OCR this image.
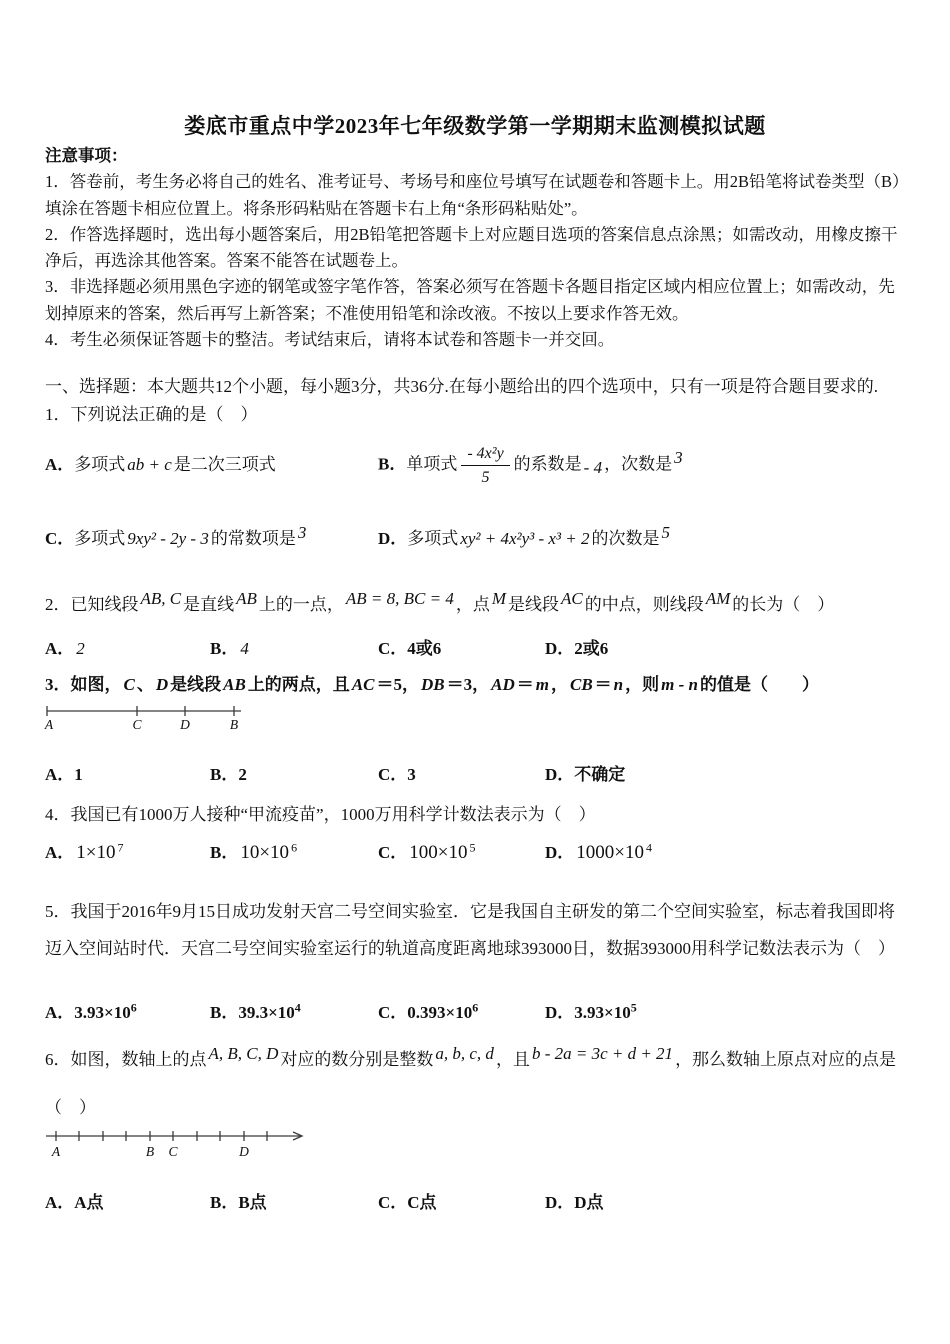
娄底市重点中学2023年七年级数学第一学期期末监测模拟试题

注意事项：

1．答卷前，考生务必将自己的姓名、准考证号、考场号和座位号填写在试题卷和答题卡上。用2B铅笔将试卷类型（B）填涂在答题卡相应位置上。将条形码粘贴在答题卡右上角“条形码粘贴处”。

2．作答选择题时，选出每小题答案后，用2B铅笔把答题卡上对应题目选项的答案信息点涂黑；如需改动，用橡皮擦干净后，再选涂其他答案。答案不能答在试题卷上。

3．非选择题必须用黑色字迹的钢笔或签字笔作答，答案必须写在答题卡各题目指定区域内相应位置上；如需改动，先划掉原来的答案，然后再写上新答案；不准使用铅笔和涂改液。不按以上要求作答无效。

4．考生必须保证答题卡的整洁。考试结束后，请将本试卷和答题卡一并交回。

一、选择题：本大题共12个小题，每小题3分，共36分.在每小题给出的四个选项中，只有一项是符合题目要求的.

1．下列说法正确的是（　）

A．多项式 ab + c 是二次三项式	B．单项式 $\frac{\text{- 4x²y}}{5}$ 的系数是 - 4 ，次数是 3
C．多项式 9xy² - 2y - 3 的常数项是 3	D．多项式 xy² + 4x²y³ - x³ + 2 的次数是 5

2．已知线段 AB, C 是直线 AB 上的一点， AB = 8, BC = 4 ，点 M 是线段 AC 的中点，则线段 AM 的长为（　）

A． 2	B． 4	C．4或6	D．2或6

3．如图， C 、 D 是线段 AB 上的两点，且 AC ＝5， DB ＝3， AD ＝ m ， CB ＝ n ，则 m - n 的值是（　　）

A	C	D	B
A．1	B．2	C．3	D．不确定

4．我国已有1000万人接种“甲流疫苗”，1000万用科学计数法表示为（　）

A． 1×10 $^7$	B． 10×10 $^6$	C． 100×10 $^5$	D． 1000×10 $^4$

5．我国于2016年9月15日成功发射天宫二号空间实验室．它是我国自主研发的第二个空间实验室，标志着我国即将迈入空间站时代．天宫二号空间实验室运行的轨道高度距离地球393000日，数据393000用科学记数法表示为（　）

A．$3.93\times 10^6$	B．$39.3\times 10^4$	C．$0.393\times 10^6$	D．$3.93\times 10^5$

6．如图，数轴上的点 A, B, C, D 对应的数分别是整数 a, b, c, d ，且 b - 2a = 3c + d + 21 ，那么数轴上原点对应的点是（　）

A	B C	D
A．A点	B．B点	C．C点	D．D点
